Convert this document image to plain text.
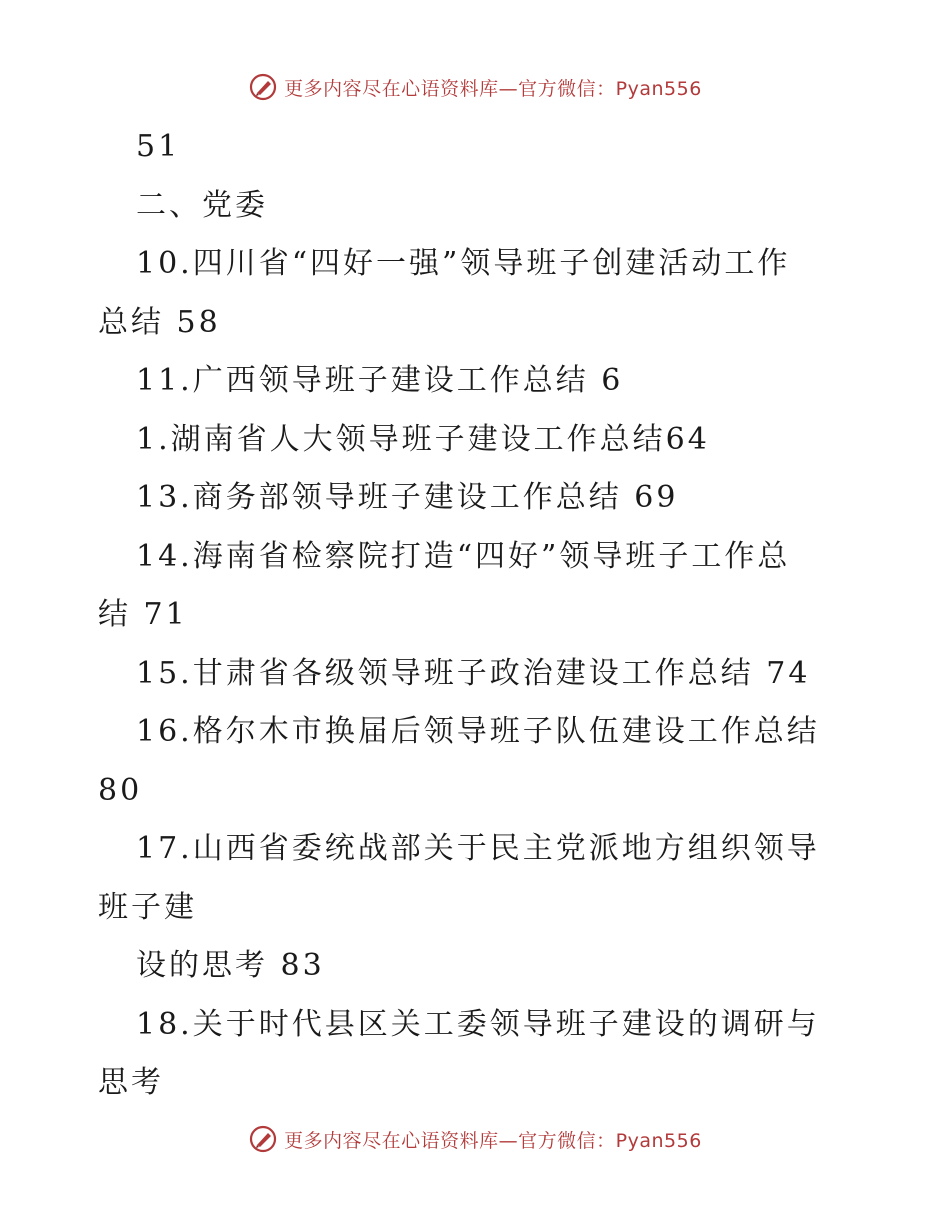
更多内容尽在心语资料库—官方微信：Pyan556
51
二、党委
10.四川省“四好一强”领导班子创建活动工作
总结 58
11.广西领导班子建设工作总结 6
1.湖南省人大领导班子建设工作总结64
13.商务部领导班子建设工作总结 69
14.海南省检察院打造“四好”领导班子工作总
结 71
15.甘肃省各级领导班子政治建设工作总结 74
16.格尔木市换届后领导班子队伍建设工作总结
80
17.山西省委统战部关于民主党派地方组织领导
班子建
设的思考 83
18.关于时代县区关工委领导班子建设的调研与
思考
更多内容尽在心语资料库—官方微信：Pyan556
